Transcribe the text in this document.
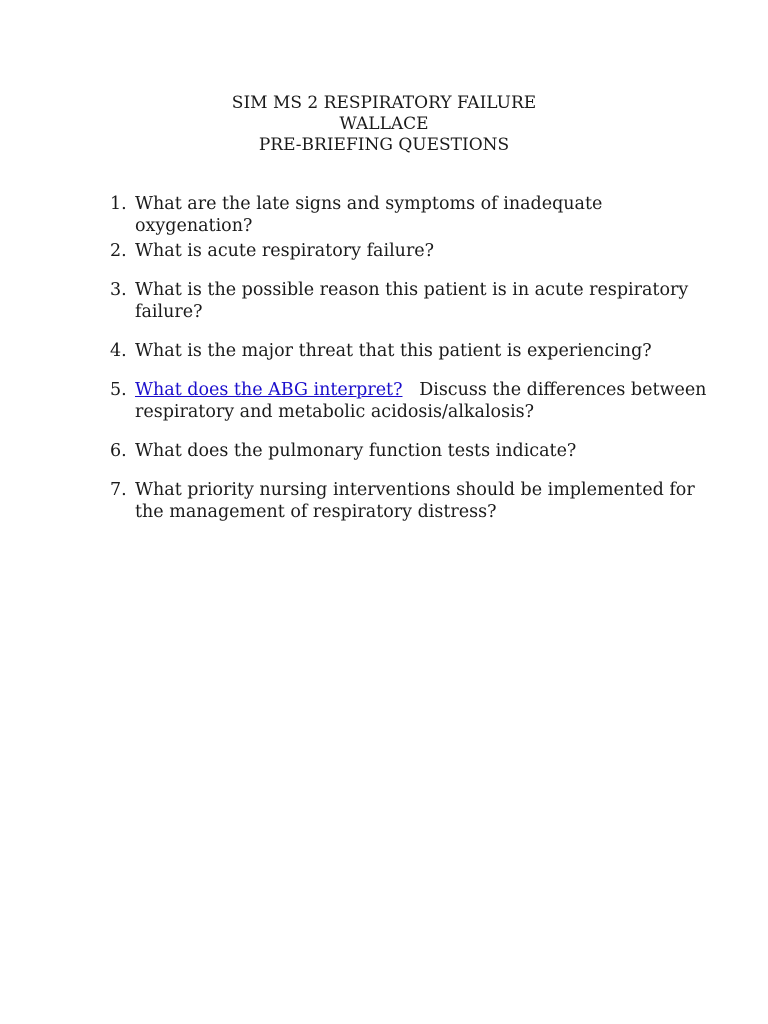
SIM MS 2 RESPIRATORY FAILURE
WALLACE
PRE-BRIEFING QUESTIONS
1. What are the late signs and symptoms of inadequate oxygenation?
2. What is acute respiratory failure?
3. What is the possible reason this patient is in acute respiratory failure?
4. What is the major threat that this patient is experiencing?
5. What does the ABG interpret? Discuss the differences between respiratory and metabolic acidosis/alkalosis?
6. What does the pulmonary function tests indicate?
7. What priority nursing interventions should be implemented for the management of respiratory distress?
